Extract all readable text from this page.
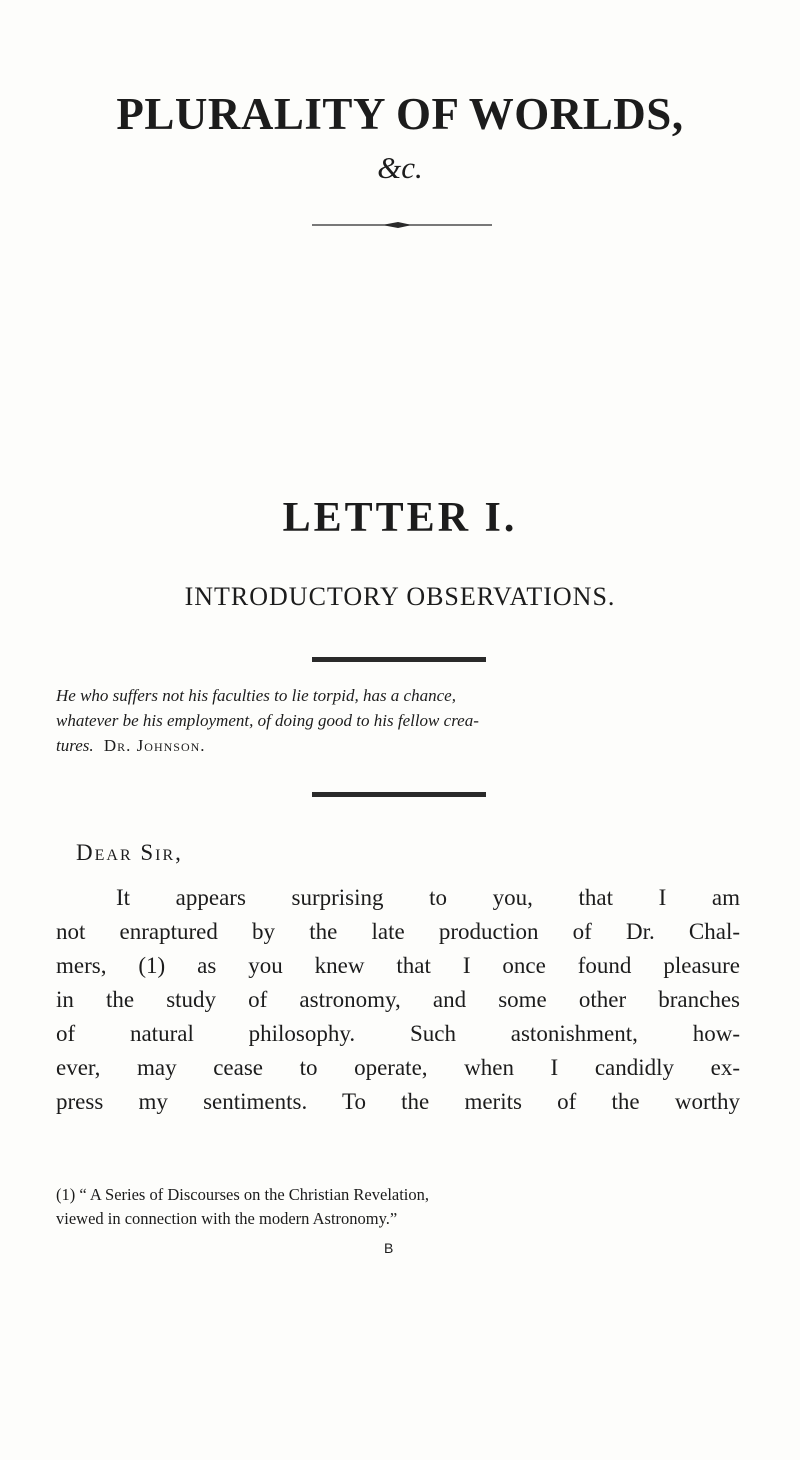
PLURALITY OF WORLDS,
&c.
LETTER I.
INTRODUCTORY OBSERVATIONS.
He who suffers not his faculties to lie torpid, has a chance,
whatever be his employment, of doing good to his fellow crea-
tures. Dr. Johnson.
Dear Sir,
It appears surprising to you, that I am
not enraptured by the late production of Dr. Chal-
mers, (1) as you knew that I once found pleasure
in the study of astronomy, and some other branches
of natural philosophy. Such astonishment, how-
ever, may cease to operate, when I candidly ex-
press my sentiments. To the merits of the worthy
(1) “ A Series of Discourses on the Christian Revelation,
viewed in connection with the modern Astronomy.”
B
